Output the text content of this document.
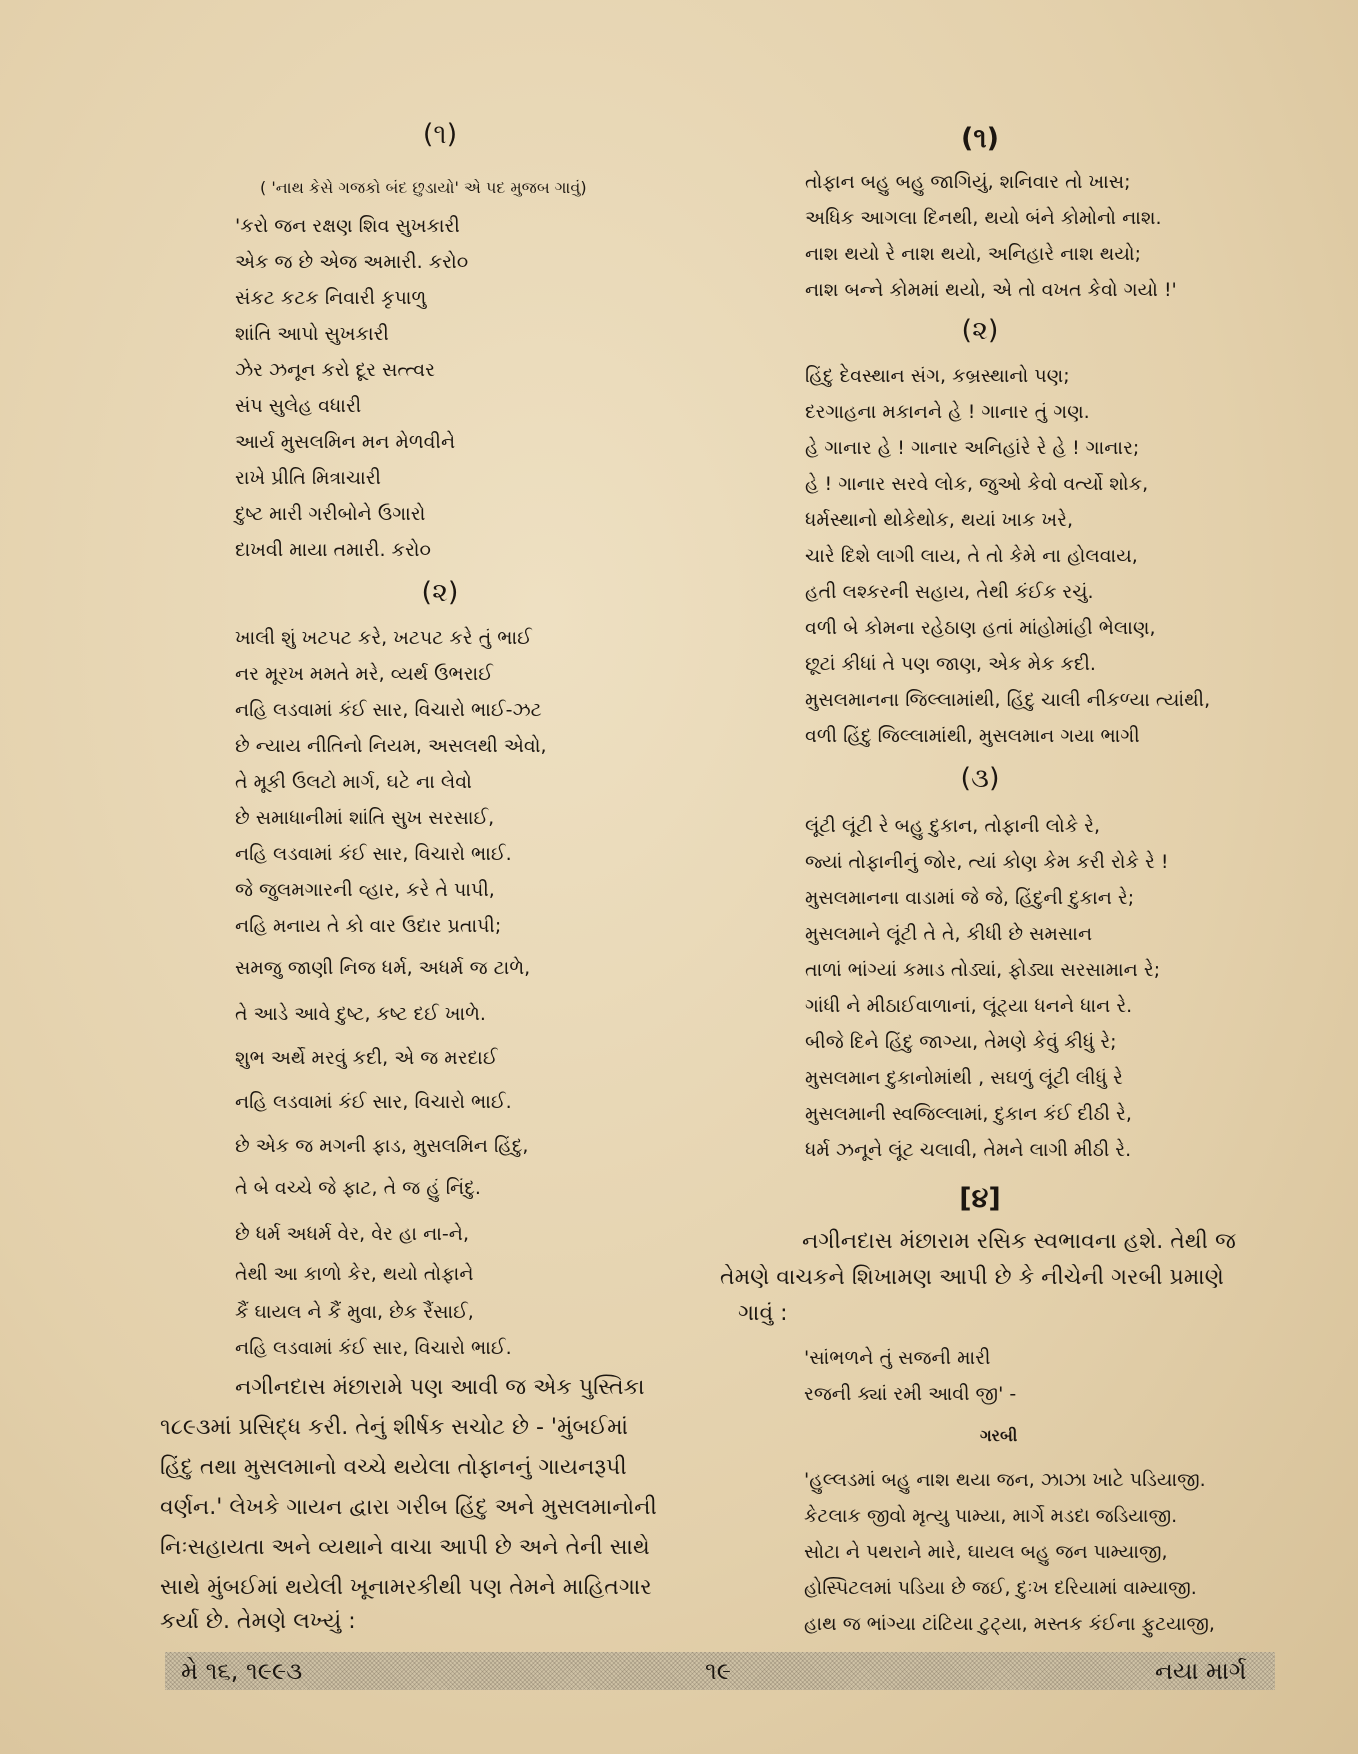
(૧)
( 'નાથ કેસે ગજકો બંદ છુડાયો' એ પદ મુજબ ગાવું)
'કરો જન રક્ષણ શિવ સુખકારી
એક જ છે એજ અમારી. કરો૦
સંકટ કટક નિવારી કૃપાળુ
શાંતિ આપો સુખકારી
ઝેર ઝનૂન કરો દૂર સત્ત્વર
સંપ સુલેહ વધારી
આર્ય મુસલમિન મન મેળવીને
રાખે પ્રીતિ મિત્રાચારી
દુષ્ટ મારી ગરીબોને ઉગારો
દાખવી માયા તમારી. કરો૦
(૨)
ખાલી શું ખટપટ કરે, ખટપટ કરે તું ભાઈ
નર મૂરખ મમતે મરે, વ્યર્થ ઉભરાઈ
નહિ લડવામાં કંઈ સાર, વિચારો ભાઈ-ઝટ
છે ન્યાય નીતિનો નિયમ, અસલથી એવો,
તે મૂકી ઉલટો માર્ગ, ઘટે ના લેવો
છે સમાધાનીમાં શાંતિ સુખ સરસાઈ,
નહિ લડવામાં કંઈ સાર, વિચારો ભાઈ.
જે જુલમગારની વ્હાર, કરે તે પાપી,
નહિ મનાય તે કો વાર ઉદાર પ્રતાપી;
સમજુ જાણી નિજ ધર્મ, અધર્મ જ ટાળે,
તે આડે આવે દુષ્ટ, કષ્ટ દઈ ખાળે.
શુભ અર્થે મરવું કદી, એ જ મરદાઈ
નહિ લડવામાં કંઈ સાર, વિચારો ભાઈ.
છે એક જ મગની ફાડ, મુસલમિન હિંદુ,
તે બે વચ્ચે જે ફાટ, તે જ હું નિંદુ.
છે ધર્મ અધર્મ વેર, વેર હા ના-ને,
તેથી આ કાળો કેર, થયો તોફાને
કૈં ઘાયલ ને કૈં મુવા, છેક રૈંસાઈ,
નહિ લડવામાં કંઈ સાર, વિચારો ભાઈ.
નગીનદાસ મંછારામે પણ આવી જ એક પુસ્તિકા
૧૮૯૩માં પ્રસિદ્ધ કરી. તેનું શીર્ષક સચોટ છે - 'મુંબઈમાં
હિંદુ તથા મુસલમાનો વચ્ચે થયેલા તોફાનનું ગાયનરૂપી
વર્ણન.' લેખકે ગાયન દ્વારા ગરીબ હિંદુ અને મુસલમાનોની
નિઃસહાયતા અને વ્યથાને વાચા આપી છે અને તેની સાથે
સાથે મુંબઈમાં થયેલી ખૂનામરકીથી પણ તેમને માહિતગાર
કર્યા છે. તેમણે લખ્યું :
(૧)
તોફાન બહુ બહુ જાગિયું, શનિવાર તો ખાસ;
અધિક આગલા દિનથી, થયો બંને કોમોનો નાશ.
નાશ થયો રે નાશ થયો, અનિહારે નાશ થયો;
નાશ બન્ને કોમમાં થયો, એ તો વખત કેવો ગયો !'
(૨)
હિંદુ દેવસ્થાન સંગ, કબ્રસ્થાનો પણ;
દરગાહના મકાનને હે ! ગાનાર તું ગણ.
હે ગાનાર હે ! ગાનાર અનિહાંરે રે હે ! ગાનાર;
હે ! ગાનાર સરવે લોક, જુઓ કેવો વર્ત્યો શોક,
ધર્મસ્થાનો થોકેથોક, થયાં ખાક ખરે,
ચારે દિશે લાગી લાય, તે તો કેમે ના હોલવાય,
હતી લશ્કરની સહાય, તેથી કંઈક રચું.
વળી બે કોમના રહેઠાણ હતાં માંહોમાંહી ભેલાણ,
છૂટાં કીધાં તે પણ જાણ, એક મેક કદી.
મુસલમાનના જિલ્લામાંથી, હિંદુ ચાલી નીકળ્યા ત્યાંથી,
વળી હિંદુ જિલ્લામાંથી, મુસલમાન ગયા ભાગી
(૩)
લૂંટી લૂંટી રે બહુ દુકાન, તોફાની લોકે રે,
જ્યાં તોફાનીનું જોર, ત્યાં કોણ કેમ કરી રોકે રે !
મુસલમાનના વાડામાં જે જે, હિંદુની દુકાન રે;
મુસલમાને લૂંટી તે તે, કીધી છે સમસાન
તાળાં ભાંગ્યાં કમાડ તોડ્યાં, ફોડ્યા સરસામાન રે;
ગાંધી ને મીઠાઈવાળાનાં, લૂંટ્યા ધનને ધાન રે.
બીજે દિને હિંદુ જાગ્યા, તેમણે કેવું કીધું રે;
મુસલમાન દુકાનોમાંથી , સઘળું લૂંટી લીધું રે
મુસલમાની સ્વજિલ્લામાં, દુકાન કંઈ દીઠી રે,
ધર્મ ઝનૂને લૂંટ ચલાવી, તેમને લાગી મીઠી રે.
[૪]
નગીનદાસ મંછારામ રસિક સ્વભાવના હશે. તેથી જ
તેમણે વાચકને શિખામણ આપી છે કે નીચેની ગરબી પ્રમાણે
ગાવું :
'સાંભળને તું સજની મારી
રજની ક્યાં રમી આવી જી' -
ગરબી
'હુલ્લડમાં બહુ નાશ થયા જન, ઝાઝા ખાટે પડિયાજી.
કેટલાક જીવો મૃત્યુ પામ્યા, માર્ગે મડદા જડિયાજી.
સોટા ને પથરાને મારે, ઘાયલ બહુ જન પામ્યાજી,
હોસ્પિટલમાં પડિયા છે જઈ, દુઃખ દરિયામાં વામ્યાજી.
હાથ જ ભાંગ્યા ટાંટિયા ટુટ્યા, મસ્તક કંઈના ફુટયાજી,
મે ૧૬, ૧૯૯૩	૧૯	નયા માર્ગ
